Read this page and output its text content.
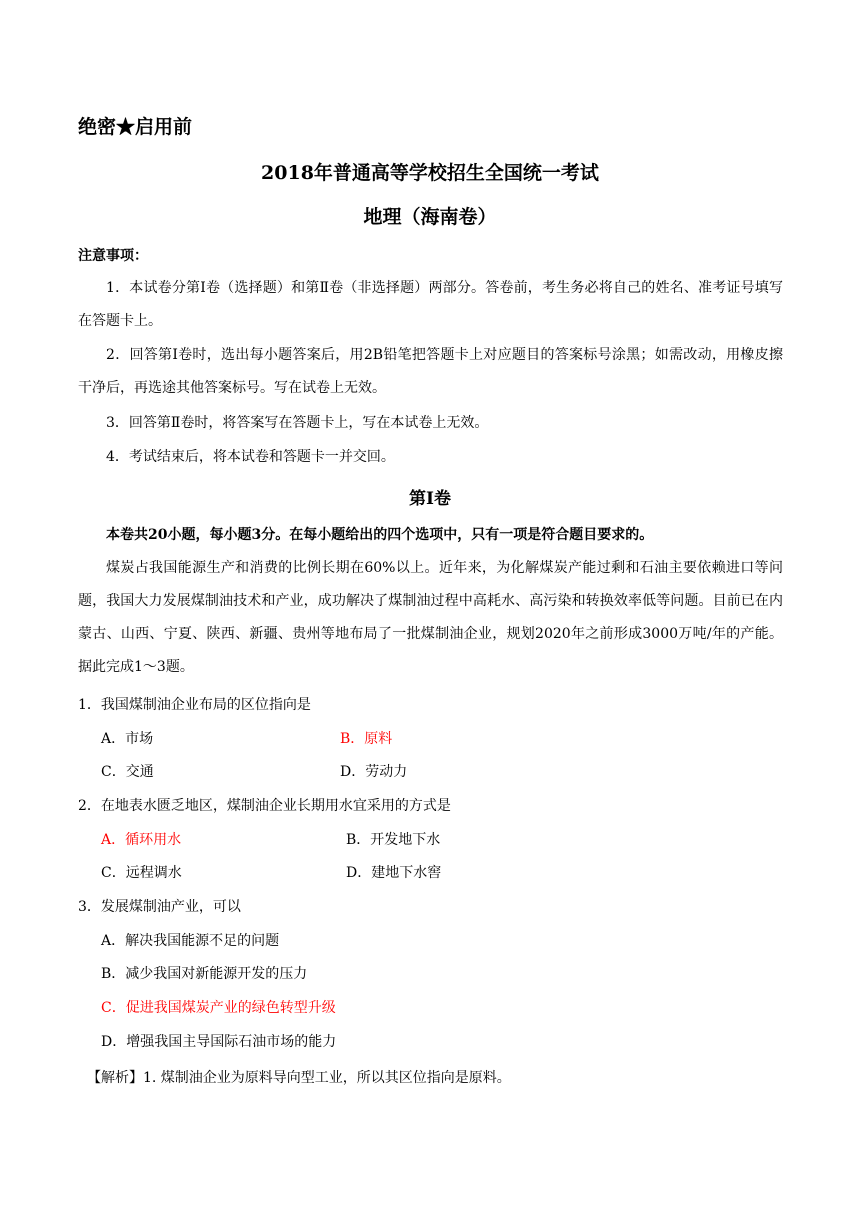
绝密★启用前
2018年普通高等学校招生全国统一考试
地理（海南卷）
注意事项：
1．本试卷分第Ⅰ卷（选择题）和第Ⅱ卷（非选择题）两部分。答卷前，考生务必将自己的姓名、准考证号填写在答题卡上。
2．回答第Ⅰ卷时，选出每小题答案后，用2B铅笔把答题卡上对应题目的答案标号涂黑；如需改动，用橡皮擦干净后，再选途其他答案标号。写在试卷上无效。
3．回答第Ⅱ卷时，将答案写在答题卡上，写在本试卷上无效。
4．考试结束后，将本试卷和答题卡一并交回。
第Ⅰ卷
本卷共20小题，每小题3分。在每小题给出的四个选项中，只有一项是符合题目要求的。
煤炭占我国能源生产和消费的比例长期在60%以上。近年来，为化解煤炭产能过剩和石油主要依赖进口等问题，我国大力发展煤制油技术和产业，成功解决了煤制油过程中高耗水、高污染和转换效率低等问题。目前已在内蒙古、山西、宁夏、陕西、新疆、贵州等地布局了一批煤制油企业，规划2020年之前形成3000万吨/年的产能。据此完成1～3题。
1．我国煤制油企业布局的区位指向是
A．市场	B．原料
C．交通	D．劳动力
2．在地表水匮乏地区，煤制油企业长期用水宜采用的方式是
A．循环用水	B．开发地下水
C．远程调水	D．建地下水窖
3．发展煤制油产业，可以
A．解决我国能源不足的问题
B．减少我国对新能源开发的压力
C．促进我国煤炭产业的绿色转型升级
D．增强我国主导国际石油市场的能力
【解析】1. 煤制油企业为原料导向型工业，所以其区位指向是原料。
